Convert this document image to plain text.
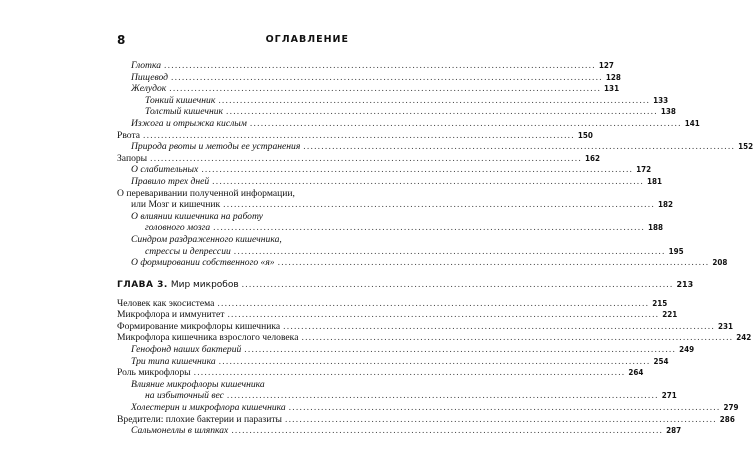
8	ОГЛАВЛЕНИЕ
Глотка ........................................................................................................................ 127
Пищевод ........................................................................................................................ 128
Желудок ........................................................................................................................ 131
Тонкий кишечник ........................................................................................................................ 133
Толстый кишечник ........................................................................................................................ 138
Изжога и отрыжка кислым ........................................................................................................................ 141
Рвота ........................................................................................................................ 150
Природа рвоты и методы ее устранения ........................................................................................................................ 152
Запоры ........................................................................................................................ 162
О слабительных ........................................................................................................................ 172
Правило трех дней ........................................................................................................................ 181
О переваривании полученной информации,
или Мозг и кишечник ........................................................................................................................ 182
О влиянии кишечника на работу
головного мозга ........................................................................................................................ 188
Синдром раздраженного кишечника,
стрессы и депрессии ........................................................................................................................ 195
О формировании собственного «я» ........................................................................................................................ 208
ГЛАВА 3. Мир микробов ........................................................................................................................ 213
Человек как экосистема ........................................................................................................................ 215
Микрофлора и иммунитет ........................................................................................................................ 221
Формирование микрофлоры кишечника ........................................................................................................................ 231
Микрофлора кишечника взрослого человека ........................................................................................................................ 242
Генофонд наших бактерий ........................................................................................................................ 249
Три типа кишечника ........................................................................................................................ 254
Роль микрофлоры ........................................................................................................................ 264
Влияние микрофлоры кишечника
на избыточный вес ........................................................................................................................ 271
Холестерин и микрофлора кишечника ........................................................................................................................ 279
Вредители: плохие бактерии и паразиты ........................................................................................................................ 286
Сальмонеллы в шляпках ........................................................................................................................ 287
